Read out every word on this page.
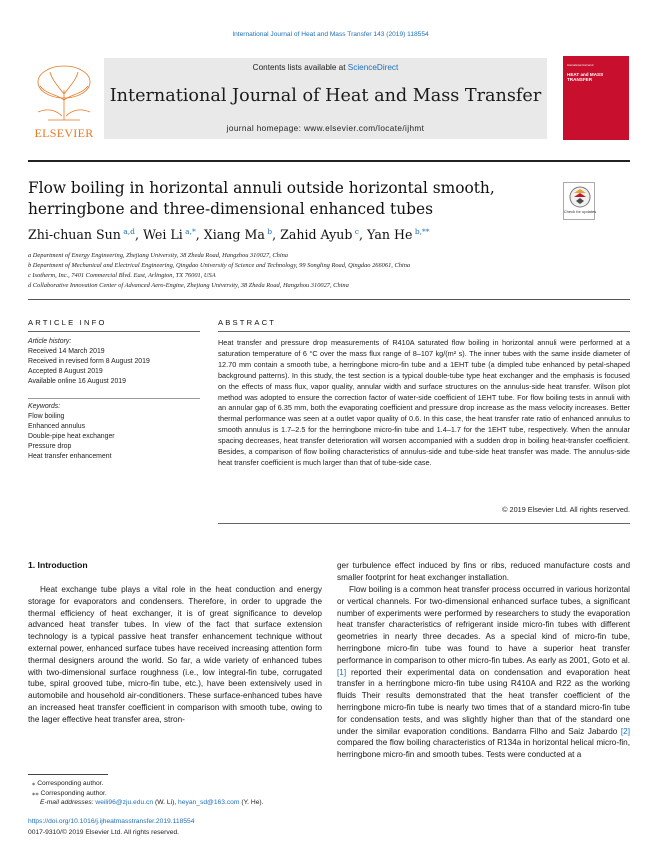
International Journal of Heat and Mass Transfer 143 (2019) 118554
ELSEVIER
Contents lists available at ScienceDirect
International Journal of Heat and Mass Transfer
journal homepage: www.elsevier.com/locate/ijhmt
International Journal of
HEAT and MASS TRANSFER
Flow boiling in horizontal annuli outside horizontal smooth, herringbone and three-dimensional enhanced tubes	Check for updates
Zhi-chuan Sun $^{a,d}$, Wei Li $^{a,*}$, Xiang Ma $^b$, Zahid Ayub $^c$, Yan He $^{b,**}$
a Department of Energy Engineering, Zhejiang University, 38 Zheda Road, Hangzhou 310027, China
b Department of Mechanical and Electrical Engineering, Qingdao University of Science and Technology, 99 Songling Road, Qingdao 266061, China
c Isotherm, Inc., 7401 Commercial Blvd. East, Arlington, TX 76001, USA
d Collaborative Innovation Center of Advanced Aero-Engine, Zhejiang University, 38 Zheda Road, Hangzhou 310027, China
ARTICLE INFO
Article history:
Received 14 March 2019
Received in revised form 8 August 2019
Accepted 8 August 2019
Available online 16 August 2019
Keywords:
Flow boiling
Enhanced annulus
Double-pipe heat exchanger
Pressure drop
Heat transfer enhancement
ABSTRACT
Heat transfer and pressure drop measurements of R410A saturated flow boiling in horizontal annuli were performed at a saturation temperature of 6 °C over the mass flux range of 8–107 kg/(m² s). The inner tubes with the same inside diameter of 12.70 mm contain a smooth tube, a herringbone micro-fin tube and a 1EHT tube (a dimpled tube enhanced by petal-shaped background patterns). In this study, the test section is a typical double-tube type heat exchanger and the emphasis is focused on the effects of mass flux, vapor quality, annular width and surface structures on the annulus-side heat transfer. Wilson plot method was adopted to ensure the correction factor of water-side coefficient of 1EHT tube. For flow boiling tests in annuli with an annular gap of 6.35 mm, both the evaporating coefficient and pressure drop increase as the mass velocity increases. Better thermal performance was seen at a outlet vapor quality of 0.6. In this case, the heat transfer rate ratio of enhanced annulus to smooth annulus is 1.7–2.5 for the herringbone micro-fin tube and 1.4–1.7 for the 1EHT tube, respectively. When the annular spacing decreases, heat transfer deterioration will worsen accompanied with a sudden drop in boiling heat-transfer coefficient. Besides, a comparison of flow boiling characteristics of annulus-side and tube-side heat transfer was made. The annulus-side heat transfer coefficient is much larger than that of tube-side case.
© 2019 Elsevier Ltd. All rights reserved.
1. Introduction
Heat exchange tube plays a vital role in the heat conduction and energy storage for evaporators and condensers. Therefore, in order to upgrade the thermal efficiency of heat exchanger, it is of great significance to develop advanced heat transfer tubes. In view of the fact that surface extension technology is a typical passive heat transfer enhancement technique without external power, enhanced surface tubes have received increasing attention form thermal designers around the world. So far, a wide variety of enhanced tubes with two-dimensional surface roughness (i.e., low integral-fin tube, corrugated tube, spiral grooved tube, micro-fin tube, etc.), have been extensively used in automobile and household air-conditioners. These surface-enhanced tubes have an increased heat transfer coefficient in comparison with smooth tube, owing to the lager effective heat transfer area, stron-
ger turbulence effect induced by fins or ribs, reduced manufacture costs and smaller footprint for heat exchanger installation.
Flow boiling is a common heat transfer process occurred in various horizontal or vertical channels. For two-dimensional enhanced surface tubes, a significant number of experiments were performed by researchers to study the evaporation heat transfer characteristics of refrigerant inside micro-fin tubes with different geometries in nearly three decades. As a special kind of micro-fin tube, herringbone micro-fin tube was found to have a superior heat transfer performance in comparison to other micro-fin tubes. As early as 2001, Goto et al. [1] reported their experimental data on condensation and evaporation heat transfer in a herringbone micro-fin tube using R410A and R22 as the working fluids Their results demonstrated that the heat transfer coefficient of the herringbone micro-fin tube is nearly two times that of a standard micro-fin tube for condensation tests, and was slightly higher than that of the standard one under the similar evaporation conditions. Bandarra Filho and Saiz Jabardo [2] compared the flow boiling characteristics of R134a in horizontal helical micro-fin, herringbone micro-fin and smooth tubes. Tests were conducted at a
⁎ Corresponding author.
⁎⁎ Corresponding author.
E-mail addresses: weili96@zju.edu.cn (W. Li), heyan_sd@163.com (Y. He).
https://doi.org/10.1016/j.ijheatmasstransfer.2019.118554
0017-9310/© 2019 Elsevier Ltd. All rights reserved.
